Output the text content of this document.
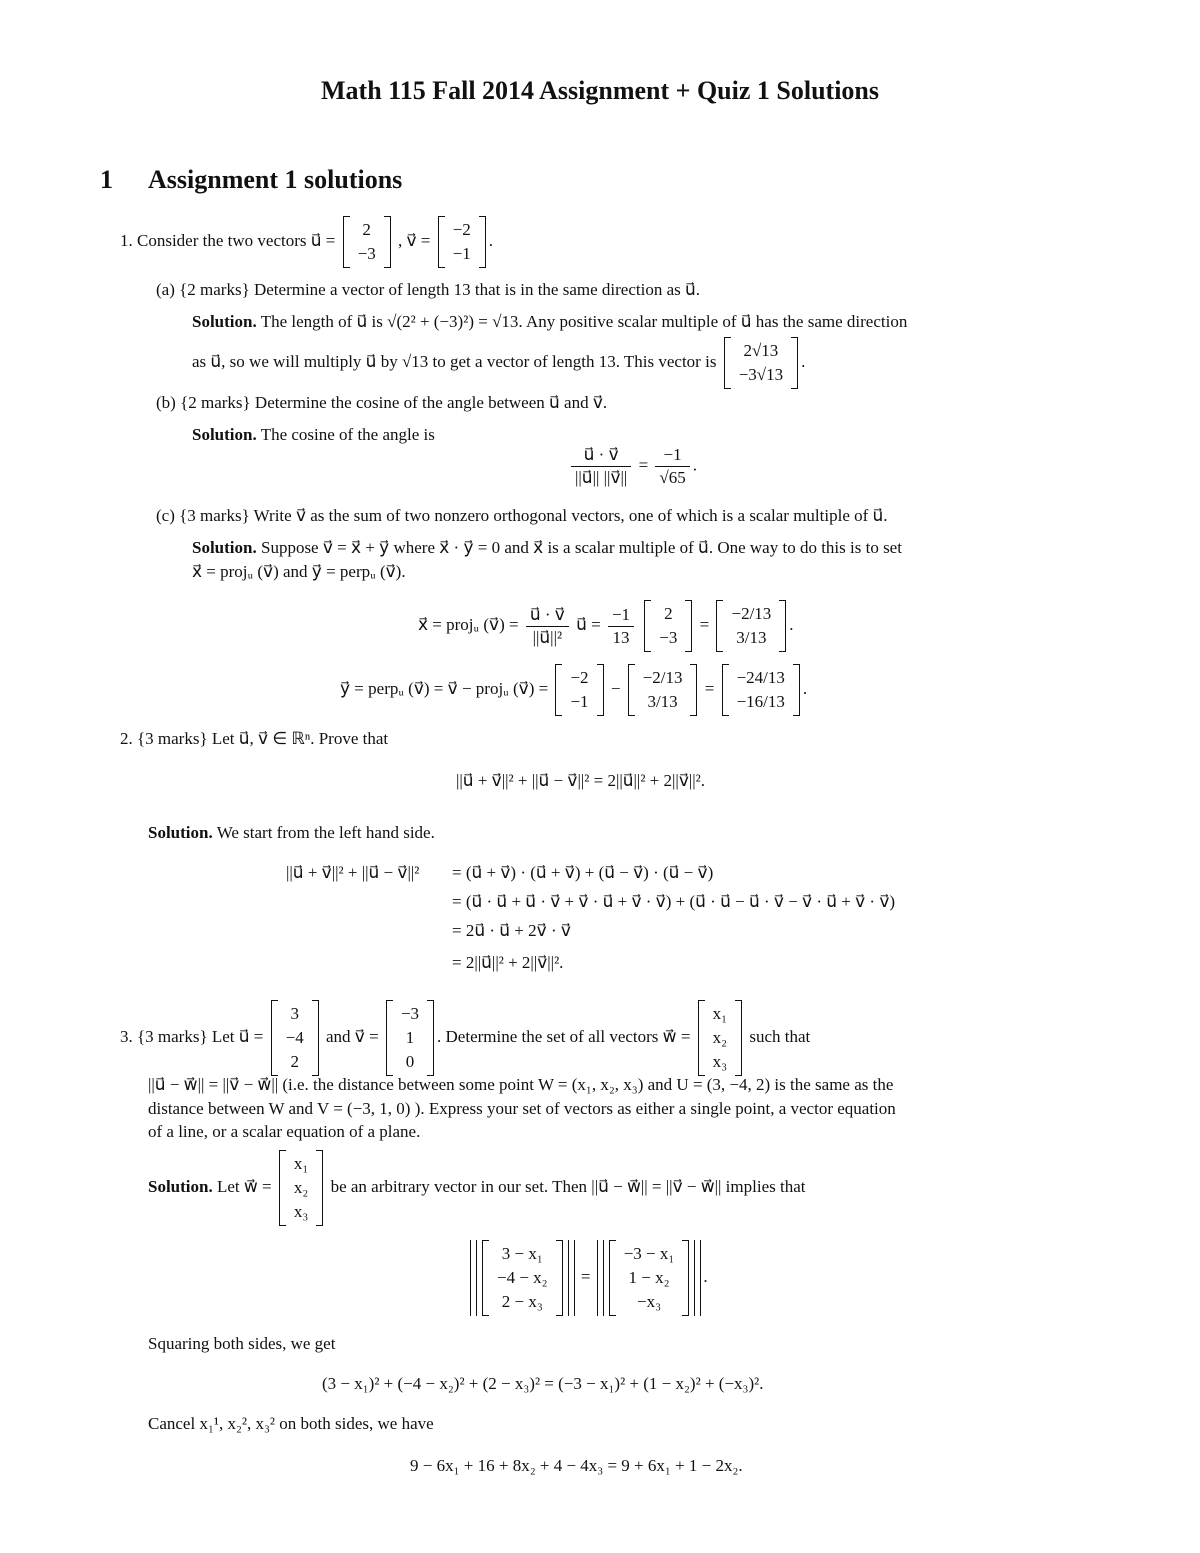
Math 115 Fall 2014 Assignment + Quiz 1 Solutions
1 Assignment 1 solutions
1. Consider the two vectors u⃗ =
2
−3
, v⃗ =
−2
−1
.
(a) {2 marks} Determine a vector of length 13 that is in the same direction as u⃗.
Solution. The length of u⃗ is √(2² + (−3)²) = √13. Any positive scalar multiple of u⃗ has the same direction
as u⃗, so we will multiply u⃗ by √13 to get a vector of length 13. This vector is
2√13
−3√13
.
(b) {2 marks} Determine the cosine of the angle between u⃗ and v⃗.
Solution. The cosine of the angle is
$\frac{u⃗ \cdot v⃗}{||u⃗|| ||v⃗||} = \frac{-1}{√65}$ .
(c) {3 marks} Write v⃗ as the sum of two nonzero orthogonal vectors, one of which is a scalar multiple of u⃗.
Solution. Suppose v⃗ = x⃗ + y⃗ where x⃗ · y⃗ = 0 and x⃗ is a scalar multiple of u⃗. One way to do this is to set
x⃗ = projᵤ (v⃗) and y⃗ = perpᵤ (v⃗).
x⃗ = projᵤ (v⃗) = $\frac{u⃗ \cdot v⃗}{\text{||u⃗||²}}$ u⃗ = $\frac{-1}{13}$
2
−3
=
−2/13
3/13
.
y⃗ = perpᵤ (v⃗) = v⃗ − projᵤ (v⃗) =
−2
−1
−
−2/13
3/13
=
−24/13
−16/13
.
2. {3 marks} Let u⃗, v⃗ ∈ ℝⁿ. Prove that
||u⃗ + v⃗||² + ||u⃗ − v⃗||² = 2||u⃗||² + 2||v⃗||².
Solution. We start from the left hand side.
||u⃗ + v⃗||² + ||u⃗ − v⃗||² = (u⃗ + v⃗) · (u⃗ + v⃗) + (u⃗ − v⃗) · (u⃗ − v⃗)
= (u⃗ · u⃗ + u⃗ · v⃗ + v⃗ · u⃗ + v⃗ · v⃗) + (u⃗ · u⃗ − u⃗ · v⃗ − v⃗ · u⃗ + v⃗ · v⃗)
= 2u⃗ · u⃗ + 2v⃗ · v⃗
= 2||u⃗||² + 2||v⃗||².
3. {3 marks} Let u⃗ =
3
−4
2
and v⃗ =
−3
1
0
. Determine the set of all vectors w⃗ =
x₁
x₂
x₃
such that
||u⃗ − w⃗|| = ||v⃗ − w⃗|| (i.e. the distance between some point W = (x₁, x₂, x₃) and U = (3, −4, 2) is the same as the
distance between W and V = (−3, 1, 0) ). Express your set of vectors as either a single point, a vector equation
of a line, or a scalar equation of a plane.
Solution. Let w⃗ =
x₁
x₂
x₃
be an arbitrary vector in our set. Then ||u⃗ − w⃗|| = ||v⃗ − w⃗|| implies that
3 − x₁
−4 − x₂
2 − x₃
=
−3 − x₁
1 − x₂
−x₃
.
Squaring both sides, we get
(3 − x₁)² + (−4 − x₂)² + (2 − x₃)² = (−3 − x₁)² + (1 − x₂)² + (−x₃)².
Cancel x₁¹, x₂², x₃² on both sides, we have
9 − 6x₁ + 16 + 8x₂ + 4 − 4x₃ = 9 + 6x₁ + 1 − 2x₂.
